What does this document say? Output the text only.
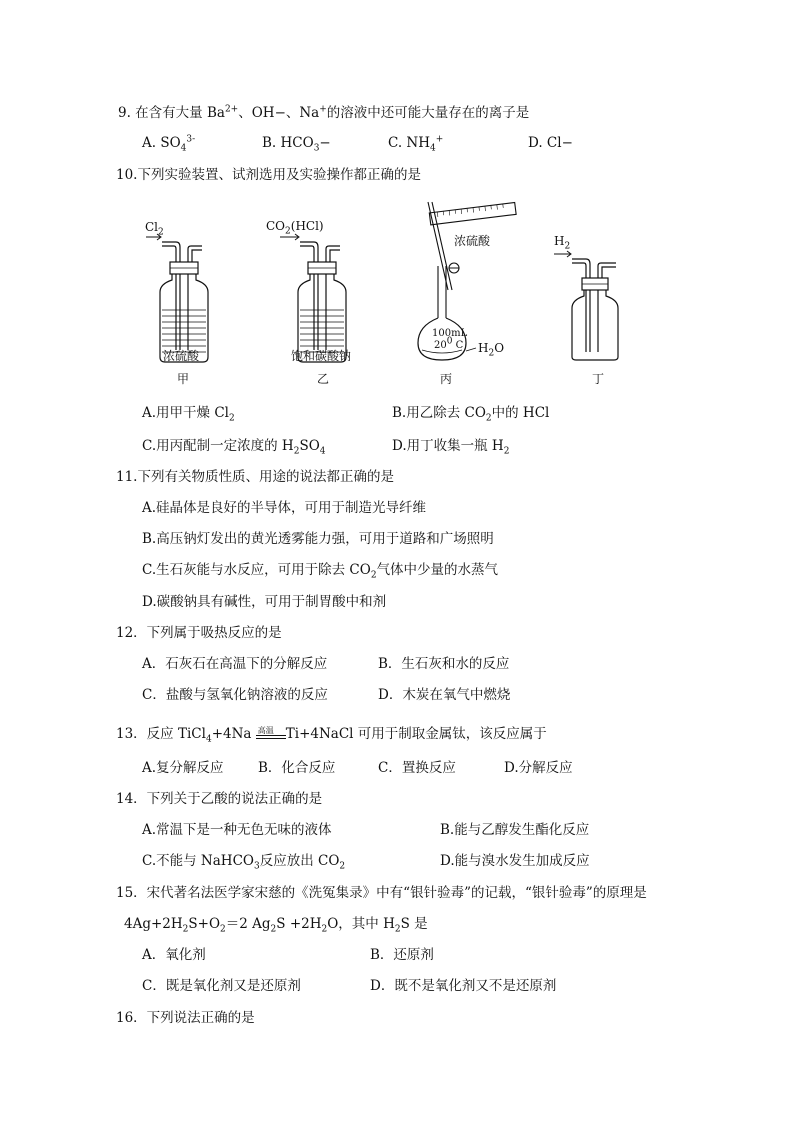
9. 在含有大量 $Ba^{2+}$、OH−、Na+的溶液中还可能大量存在的离子是
A. $SO_4^{3-}$	B. $HCO_3-$	C. $NH_4^+$	D. Cl−
10.下列实验装置、试剂选用及实验操作都正确的是
$Cl_2$
浓硫酸
甲
$CO_2(HCl)$
饱和碳酸钠
乙
浓硫酸
100mL
$20^0$ C $H_2O$
丙
$H_2$
丁
A.用甲干燥 $Cl_2$	B.用乙除去 $CO_2$中的 HCl
C.用丙配制一定浓度的 $H_2SO_4$	D.用丁收集一瓶 $H_2$
11.下列有关物质性质、用途的说法都正确的是
A.硅晶体是良好的半导体，可用于制造光导纤维
B.高压钠灯发出的黄光透雾能力强，可用于道路和广场照明
C.生石灰能与水反应，可用于除去 $CO_2$气体中少量的水蒸气
D.碳酸钠具有碱性，可用于制胃酸中和剂
12．下列属于吸热反应的是
A．石灰石在高温下的分解反应	B．生石灰和水的反应
C．盐酸与氢氧化钠溶液的反应	D．木炭在氧气中燃烧
13．反应 TiCl$_4$+4Na 高温 Ti+4NaCl 可用于制取金属钛，该反应属于
A.复分解反应	B．化合反应	C．置换反应	D.分解反应
14．下列关于乙酸的说法正确的是
A.常温下是一种无色无味的液体	B.能与乙醇发生酯化反应
C.不能与 NaHCO$_3$反应放出 $CO_2$	D.能与溴水发生加成反应
15．宋代著名法医学家宋慈的《洗冤集录》中有“银针验毒”的记载，“银针验毒”的原理是
$4Ag+2H_2S+O_2=2$ $Ag_2S +2H_2O$，其中 $H_2S$ 是
A．氧化剂	B．还原剂
C．既是氧化剂又是还原剂	D．既不是氧化剂又不是还原剂
16．下列说法正确的是
